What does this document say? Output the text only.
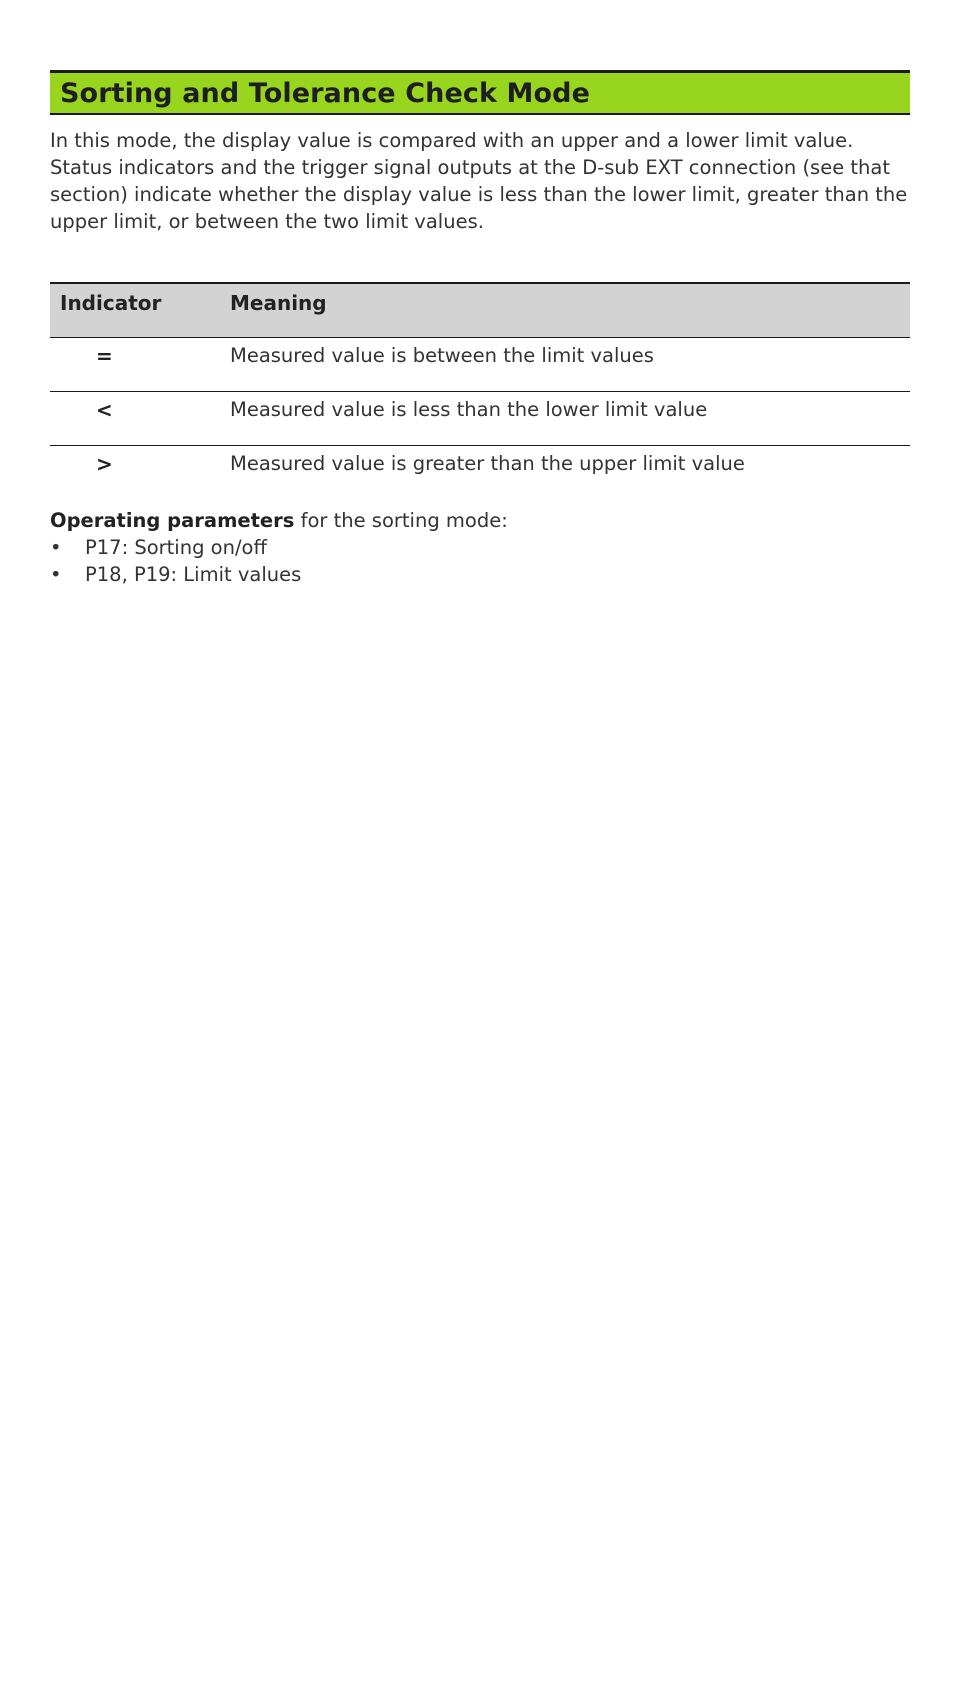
Sorting and Tolerance Check Mode

In this mode, the display value is compared with an upper and a lower limit value. Status indicators and the trigger signal outputs at the D-sub EXT connection (see that section) indicate whether the display value is less than the lower limit, greater than the upper limit, or between the two limit values.

Indicator	Meaning
=	Measured value is between the limit values
<	Measured value is less than the lower limit value
>	Measured value is greater than the upper limit value
Operating parameters for the sorting mode:
• P17: Sorting on/off
• P18, P19: Limit values
